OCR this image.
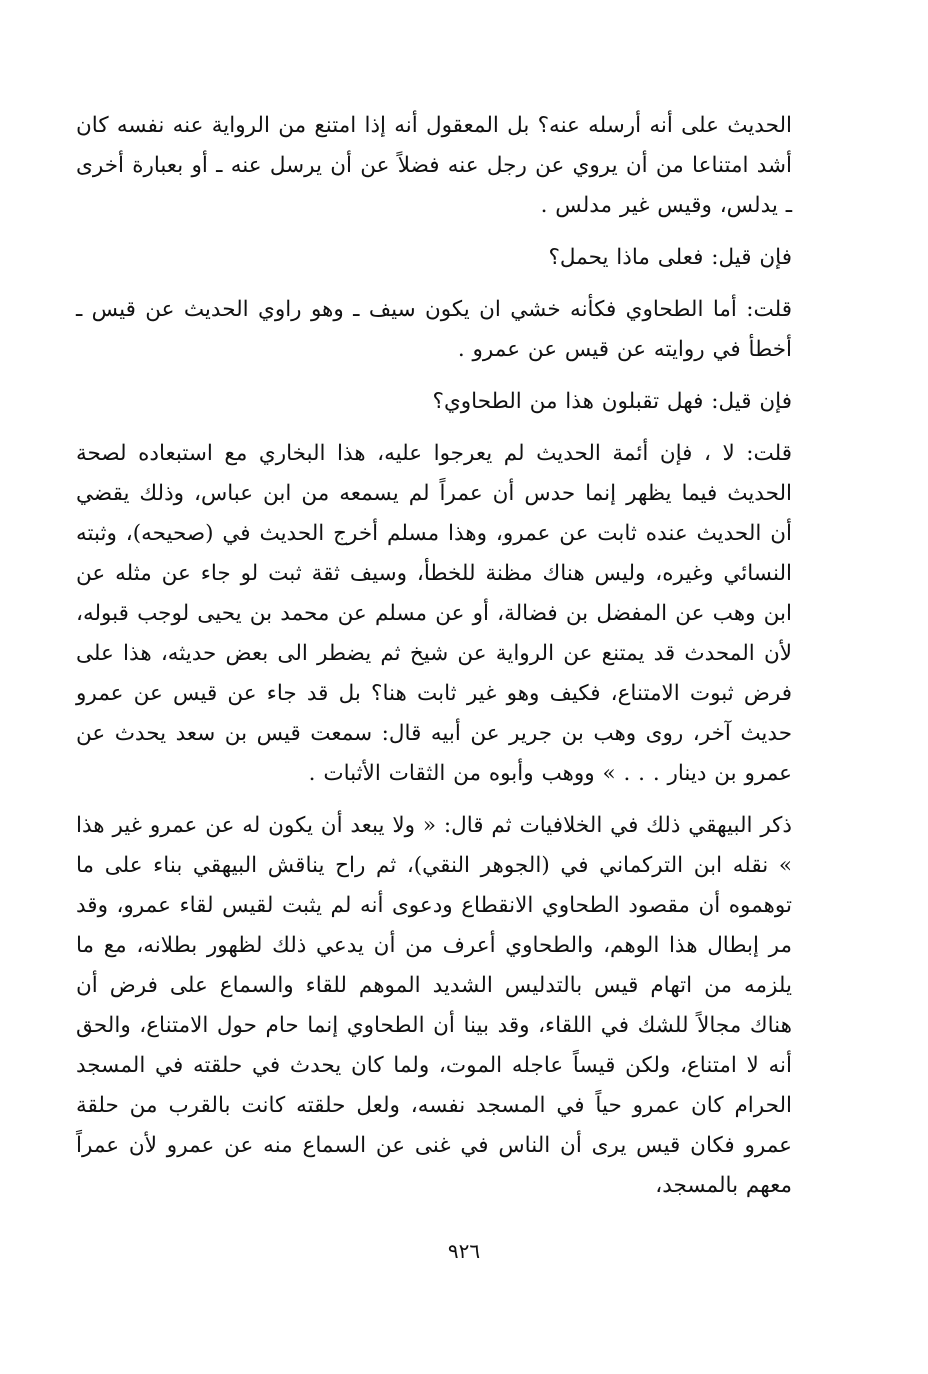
الحديث على أنه أرسله عنه؟ بل المعقول أنه إذا امتنع من الرواية عنه نفسه كان أشد امتناعا من أن يروي عن رجل عنه فضلاً عن أن يرسل عنه ـ أو بعبارة أخرى ـ يدلس، وقيس غير مدلس .

فإن قيل: فعلى ماذا يحمل؟

قلت: أما الطحاوي فكأنه خشي ان يكون سيف ـ وهو راوي الحديث عن قيس ـ أخطأ في روايته عن قيس عن عمرو .

فإن قيل: فهل تقبلون هذا من الطحاوي؟

قلت: لا ، فإن أئمة الحديث لم يعرجوا عليه، هذا البخاري مع استبعاده لصحة الحديث فيما يظهر إنما حدس أن عمراً لم يسمعه من ابن عباس، وذلك يقضي أن الحديث عنده ثابت عن عمرو، وهذا مسلم أخرج الحديث في (صحيحه)، وثبته النسائي وغيره، وليس هناك مظنة للخطأ، وسيف ثقة ثبت لو جاء عن مثله عن ابن وهب عن المفضل بن فضالة، أو عن مسلم عن محمد بن يحيى لوجب قبوله، لأن المحدث قد يمتنع عن الرواية عن شيخ ثم يضطر الى بعض حديثه، هذا على فرض ثبوت الامتناع، فكيف وهو غير ثابت هنا؟ بل قد جاء عن قيس عن عمرو حديث آخر، روى وهب بن جرير عن أبيه قال: سمعت قيس بن سعد يحدث عن عمرو بن دينار . . . » ووهب وأبوه من الثقات الأثبات .

ذكر البيهقي ذلك في الخلافيات ثم قال: « ولا يبعد أن يكون له عن عمرو غير هذا » نقله ابن التركماني في (الجوهر النقي)، ثم راح يناقش البيهقي بناء على ما توهموه أن مقصود الطحاوي الانقطاع ودعوى أنه لم يثبت لقيس لقاء عمرو، وقد مر إبطال هذا الوهم، والطحاوي أعرف من أن يدعي ذلك لظهور بطلانه، مع ما يلزمه من اتهام قيس بالتدليس الشديد الموهم للقاء والسماع على فرض أن هناك مجالاً للشك في اللقاء، وقد بينا أن الطحاوي إنما حام حول الامتناع، والحق أنه لا امتناع، ولكن قيساً عاجله الموت، ولما كان يحدث في حلقته في المسجد الحرام كان عمرو حياً في المسجد نفسه، ولعل حلقته كانت بالقرب من حلقة عمرو فكان قيس يرى أن الناس في غنى عن السماع منه عن عمرو لأن عمراً معهم بالمسجد،

٩٢٦
